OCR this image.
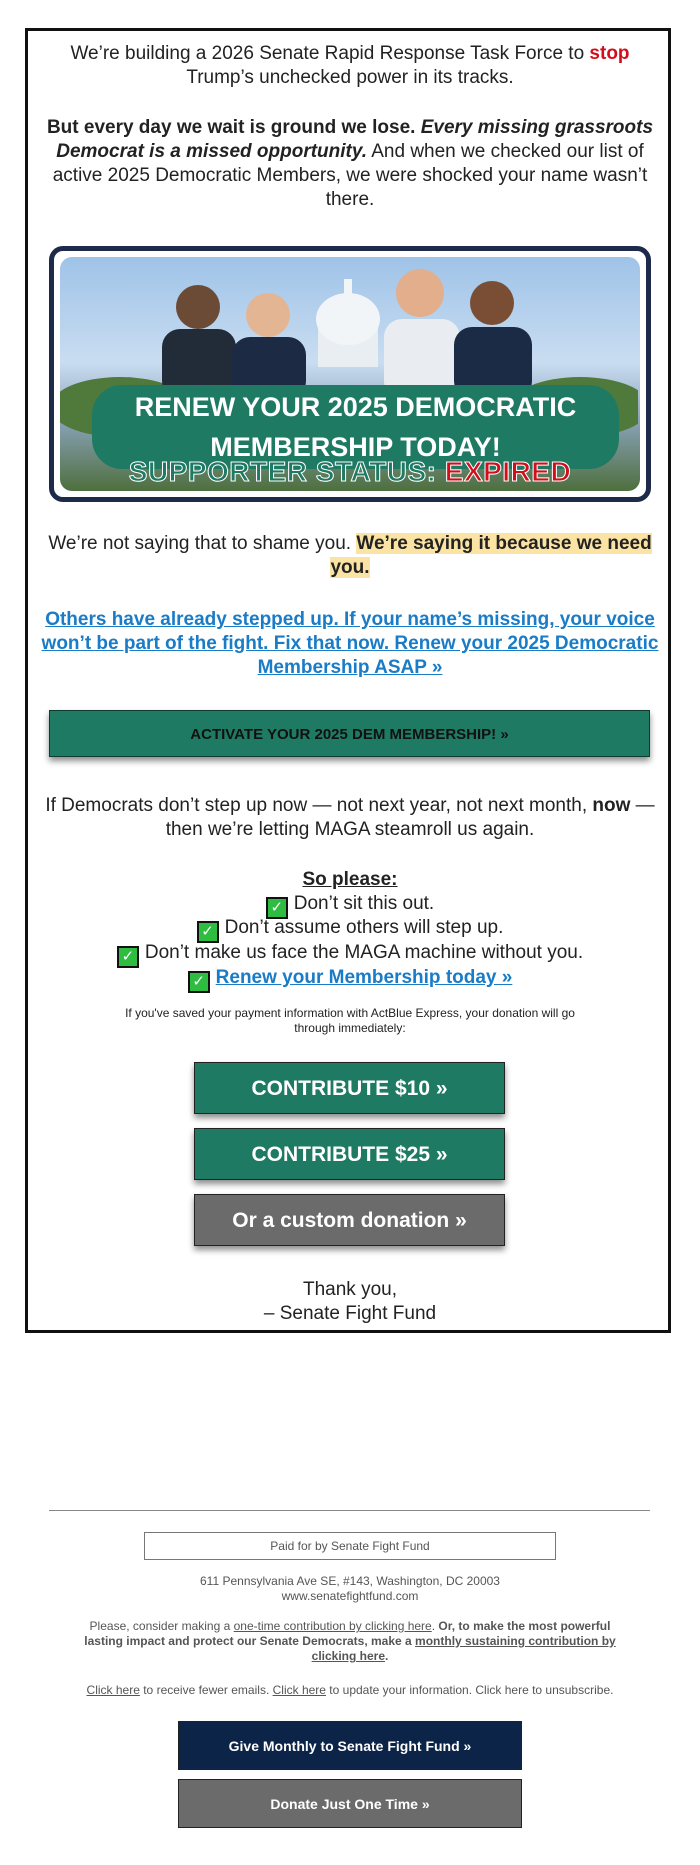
We’re building a 2026 Senate Rapid Response Task Force to stop Trump’s unchecked power in its tracks.
But every day we wait is ground we lose. Every missing grassroots Democrat is a missed opportunity. And when we checked our list of active 2025 Democratic Members, we were shocked your name wasn’t there.
RENEW YOUR 2025 DEMOCRATIC
MEMBERSHIP TODAY!
SUPPORTER STATUS: EXPIRED
We’re not saying that to shame you. We’re saying it because we need you.
Others have already stepped up. If your name’s missing, your voice won’t be part of the fight. Fix that now. Renew your 2025 Democratic Membership ASAP »
ACTIVATE YOUR 2025 DEM MEMBERSHIP! »
If Democrats don’t step up now — not next year, not next month, now — then we’re letting MAGA steamroll us again.
So please:
✓ Don’t sit this out.
✓ Don’t assume others will step up.
✓ Don’t make us face the MAGA machine without you.
✓ Renew your Membership today »
If you've saved your payment information with ActBlue Express, your donation will go through immediately:
CONTRIBUTE $10 »
CONTRIBUTE $25 »
Or a custom donation »
Thank you,
– Senate Fight Fund
Paid for by Senate Fight Fund
611 Pennsylvania Ave SE, #143, Washington, DC 20003
www.senatefightfund.com
Please, consider making a one-time contribution by clicking here. Or, to make the most powerful lasting impact and protect our Senate Democrats, make a monthly sustaining contribution by clicking here.
Click here to receive fewer emails. Click here to update your information. Click here to unsubscribe.
Give Monthly to Senate Fight Fund »
Donate Just One Time »
